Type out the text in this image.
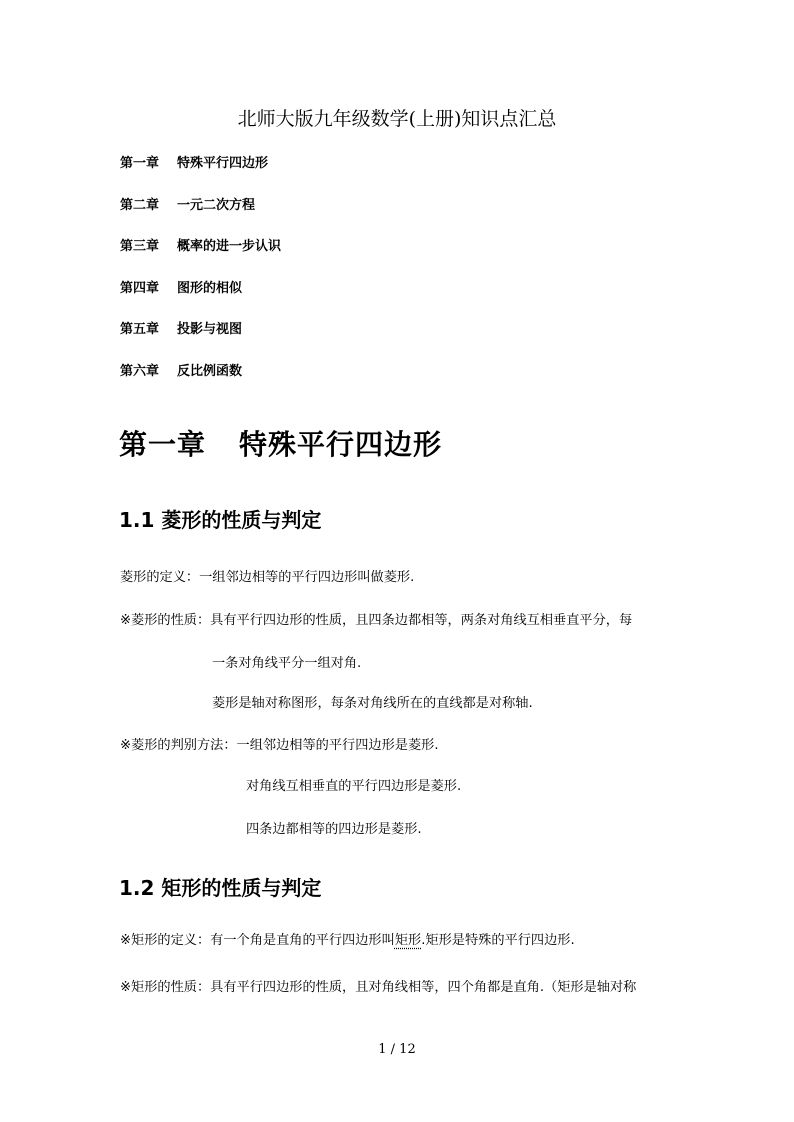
北师大版九年级数学(上册)知识点汇总
第一章 特殊平行四边形
第二章 一元二次方程
第三章 概率的进一步认识
第四章 图形的相似
第五章 投影与视图
第六章 反比例函数
第一章 特殊平行四边形
1.1 菱形的性质与判定
菱形的定义：一组邻边相等的平行四边形叫做菱形.
※菱形的性质：具有平行四边形的性质，且四条边都相等，两条对角线互相垂直平分，每
一条对角线平分一组对角.
菱形是轴对称图形，每条对角线所在的直线都是对称轴.
※菱形的判别方法：一组邻边相等的平行四边形是菱形.
对角线互相垂直的平行四边形是菱形.
四条边都相等的四边形是菱形.
1.2 矩形的性质与判定
※矩形的定义：有一个角是直角的平行四边形叫矩形.矩形是特殊的平行四边形.
※矩形的性质：具有平行四边形的性质，且对角线相等，四个角都是直角.（矩形是轴对称
1 / 12
